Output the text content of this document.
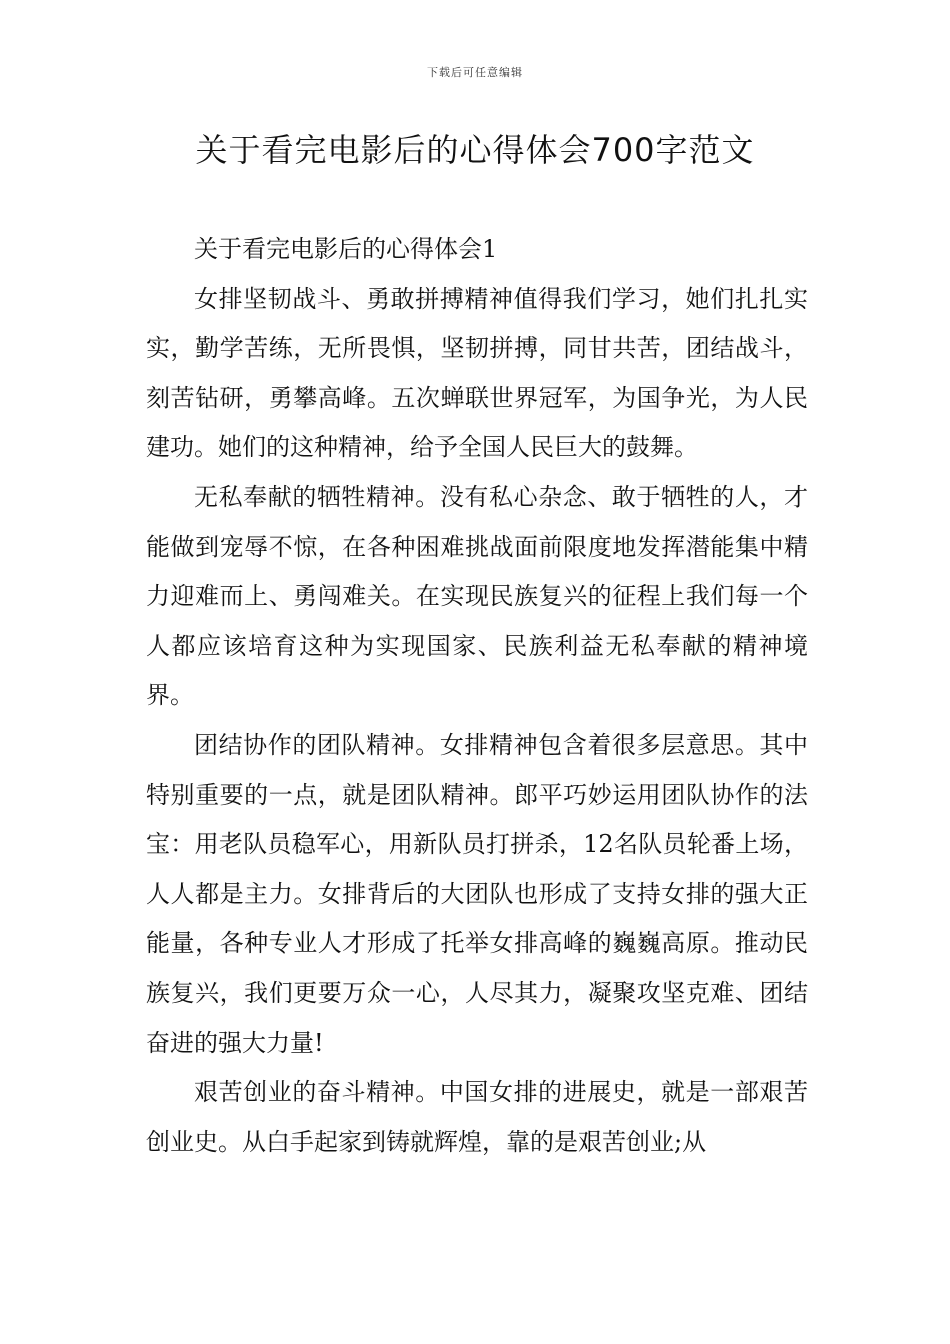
下载后可任意编辑
关于看完电影后的心得体会700字范文

关于看完电影后的心得体会1

女排坚韧战斗、勇敢拼搏精神值得我们学习，她们扎扎实实，勤学苦练，无所畏惧，坚韧拼搏，同甘共苦，团结战斗，刻苦钻研，勇攀高峰。五次蝉联世界冠军，为国争光，为人民建功。她们的这种精神，给予全国人民巨大的鼓舞。

无私奉献的牺牲精神。没有私心杂念、敢于牺牲的人，才能做到宠辱不惊，在各种困难挑战面前限度地发挥潜能集中精力迎难而上、勇闯难关。在实现民族复兴的征程上我们每一个人都应该培育这种为实现国家、民族利益无私奉献的精神境界。

团结协作的团队精神。女排精神包含着很多层意思。其中特别重要的一点，就是团队精神。郎平巧妙运用团队协作的法宝：用老队员稳军心，用新队员打拼杀，12名队员轮番上场，人人都是主力。女排背后的大团队也形成了支持女排的强大正能量，各种专业人才形成了托举女排高峰的巍巍高原。推动民族复兴，我们更要万众一心，人尽其力，凝聚攻坚克难、团结奋进的强大力量!

艰苦创业的奋斗精神。中国女排的进展史，就是一部艰苦创业史。从白手起家到铸就辉煌，靠的是艰苦创业;从
